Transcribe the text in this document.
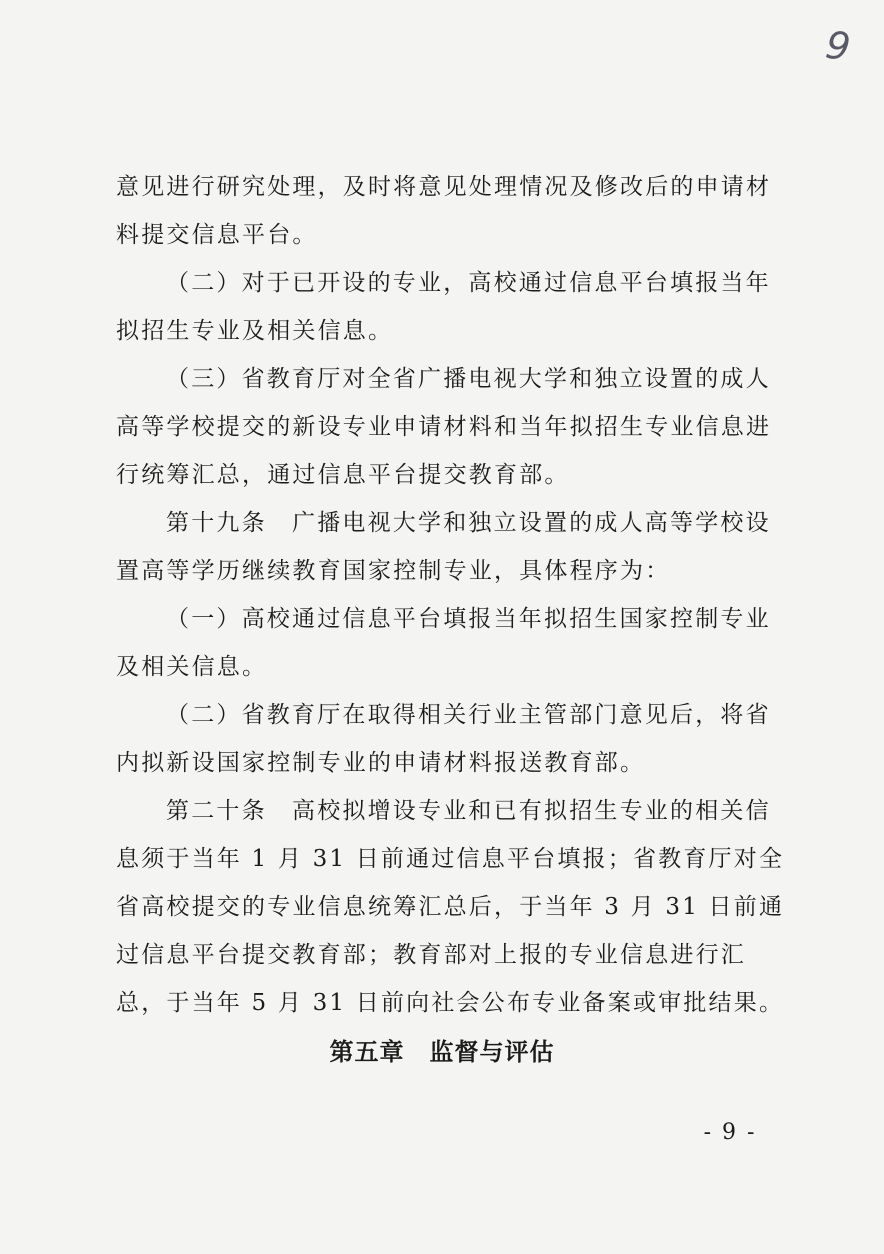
9

意见进行研究处理，及时将意见处理情况及修改后的申请材料提交信息平台。

（二）对于已开设的专业，高校通过信息平台填报当年拟招生专业及相关信息。

（三）省教育厅对全省广播电视大学和独立设置的成人高等学校提交的新设专业申请材料和当年拟招生专业信息进行统筹汇总，通过信息平台提交教育部。

第十九条　广播电视大学和独立设置的成人高等学校设置高等学历继续教育国家控制专业，具体程序为：

（一）高校通过信息平台填报当年拟招生国家控制专业及相关信息。

（二）省教育厅在取得相关行业主管部门意见后，将省内拟新设国家控制专业的申请材料报送教育部。

第二十条　高校拟增设专业和已有拟招生专业的相关信息须于当年 1 月 31 日前通过信息平台填报；省教育厅对全省高校提交的专业信息统筹汇总后，于当年 3 月 31 日前通过信息平台提交教育部；教育部对上报的专业信息进行汇总，于当年 5 月 31 日前向社会公布专业备案或审批结果。

第五章　监督与评估
- 9 -
